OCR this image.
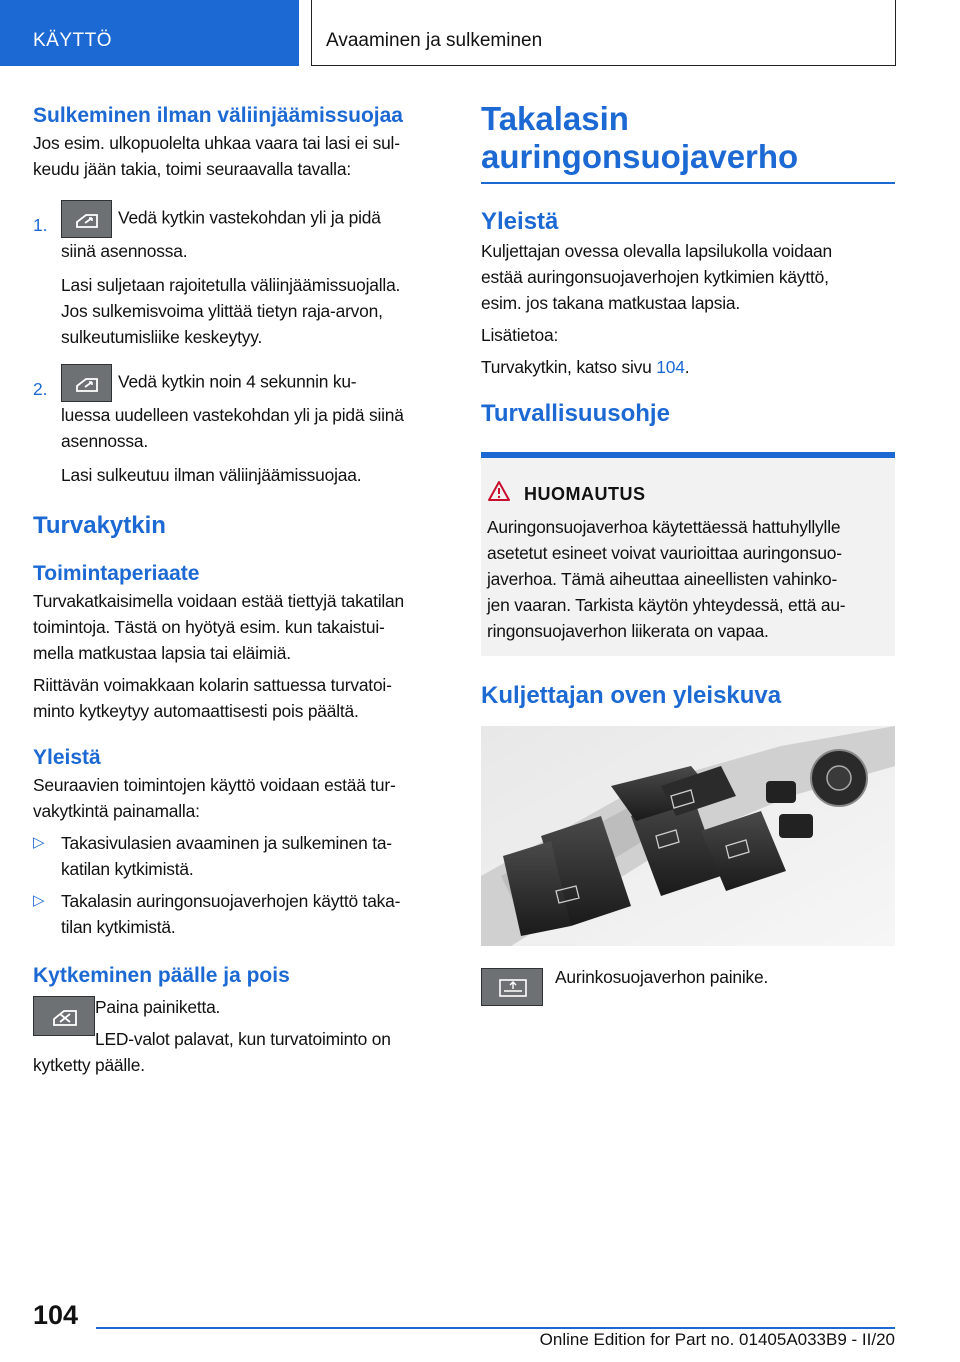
KÄYTTÖ	Avaaminen ja sulkeminen
Sulkeminen ilman väliinjäämissuojaa

Jos esim. ulkopuolelta uhkaa vaara tai lasi ei sul-

keudu jään takia, toimi seuraavalla tavalla:

1.	Vedä kytkin vastekohdan yli ja pidä

siinä asennossa.

Lasi suljetaan rajoitetulla väliinjäämissuojalla.

Jos sulkemisvoima ylittää tietyn raja-arvon,

sulkeutumisliike keskeytyy.

2.	Vedä kytkin noin 4 sekunnin ku-

luessa uudelleen vastekohdan yli ja pidä siinä

asennossa.

Lasi sulkeutuu ilman väliinjäämissuojaa.

Turvakytkin
Toimintaperiaate

Turvakatkaisimella voidaan estää tiettyjä takatilan

toimintoja. Tästä on hyötyä esim. kun takaistui-

mella matkustaa lapsia tai eläimiä.

Riittävän voimakkaan kolarin sattuessa turvatoi-

minto kytkeytyy automaattisesti pois päältä.

Yleistä

Seuraavien toimintojen käyttö voidaan estää tur-

vakytkintä painamalla:

▷ Takasivulasien avaaminen ja sulkeminen ta-

katilan kytkimistä.

▷ Takalasin auringonsuojaverhojen käyttö taka-

tilan kytkimistä.

Kytkeminen päälle ja pois

Paina painiketta.

LED-valot palavat, kun turvatoiminto on

kytketty päälle.

Takalasin
auringonsuojaverho
Yleistä

Kuljettajan ovessa olevalla lapsilukolla voidaan

estää auringonsuojaverhojen kytkimien käyttö,

esim. jos takana matkustaa lapsia.

Lisätietoa:

Turvakytkin, katso sivu 104.

Turvallisuusohje
HUOMAUTUS

Auringonsuojaverhoa käytettäessä hattuhyllylle

asetetut esineet voivat vaurioittaa auringonsuo-

javerhoa. Tämä aiheuttaa aineellisten vahinko-

jen vaaran. Tarkista käytön yhteydessä, että au-

ringonsuojaverhon liikerata on vapaa.

Kuljettajan oven yleiskuva

Aurinkosuojaverhon painike.

104
Online Edition for Part no. 01405A033B9 - II/20
